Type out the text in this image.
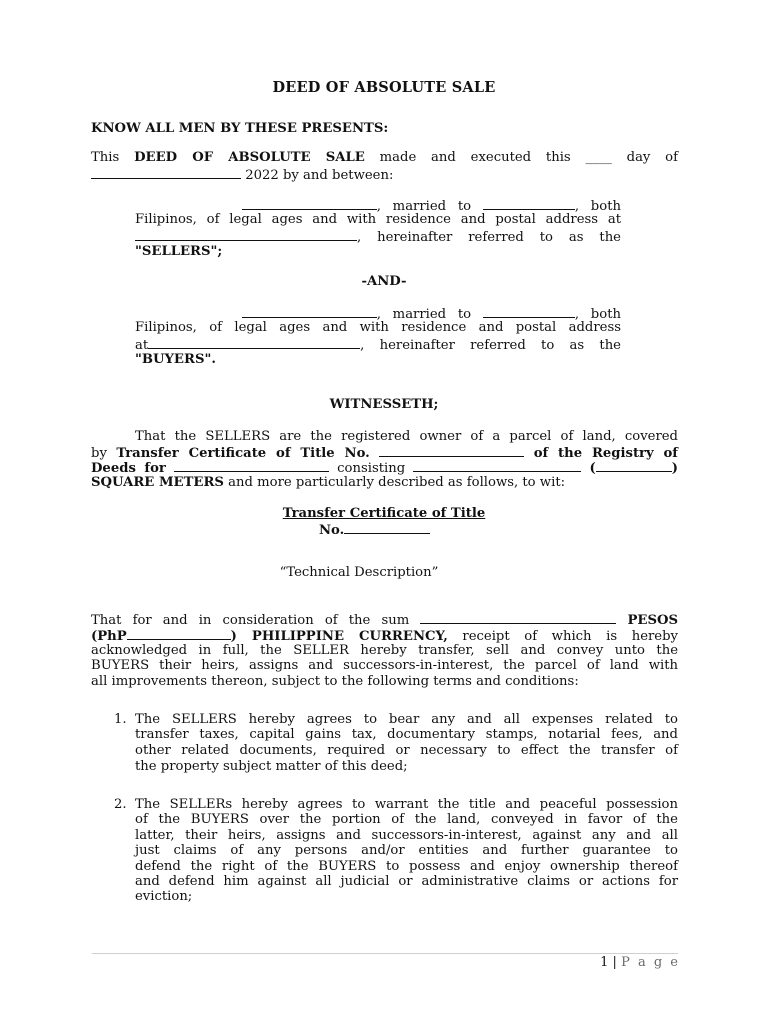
DEED OF ABSOLUTE SALE
KNOW ALL MEN BY THESE PRESENTS:
This DEED OF ABSOLUTE SALE made and executed this ____ day of
2022 by and between:
, married to	, both
Filipinos, of legal ages and with residence and postal address at
, hereinafter referred to as the
"SELLERS";
-AND-
, married to	, both
Filipinos, of legal ages and with residence and postal address
at	, hereinafter referred to as the
"BUYERS".
WITNESSETH;
That the SELLERS are the registered owner of a parcel of land, covered
by Transfer Certificate of Title No.	of the Registry of
Deeds for	consisting	(	)
SQUARE METERS and more particularly described as follows, to wit:
Transfer Certificate of Title
No.
“Technical Description”
That for and in consideration of the sum	PESOS
(PhP	) PHILIPPINE CURRENCY, receipt of which is hereby
acknowledged in full, the SELLER hereby transfer, sell and convey unto the
BUYERS their heirs, assigns and successors-in-interest, the parcel of land with
all improvements thereon, subject to the following terms and conditions:
1. The SELLERS hereby agrees to bear any and all expenses related to
transfer taxes, capital gains tax, documentary stamps, notarial fees, and
other related documents, required or necessary to effect the transfer of
the property subject matter of this deed;
2. The SELLERs hereby agrees to warrant the title and peaceful possession
of the BUYERS over the portion of the land, conveyed in favor of the
latter, their heirs, assigns and successors-in-interest, against any and all
just claims of any persons and/or entities and further guarantee to
defend the right of the BUYERS to possess and enjoy ownership thereof
and defend him against all judicial or administrative claims or actions for
eviction;
1 | P a g e
